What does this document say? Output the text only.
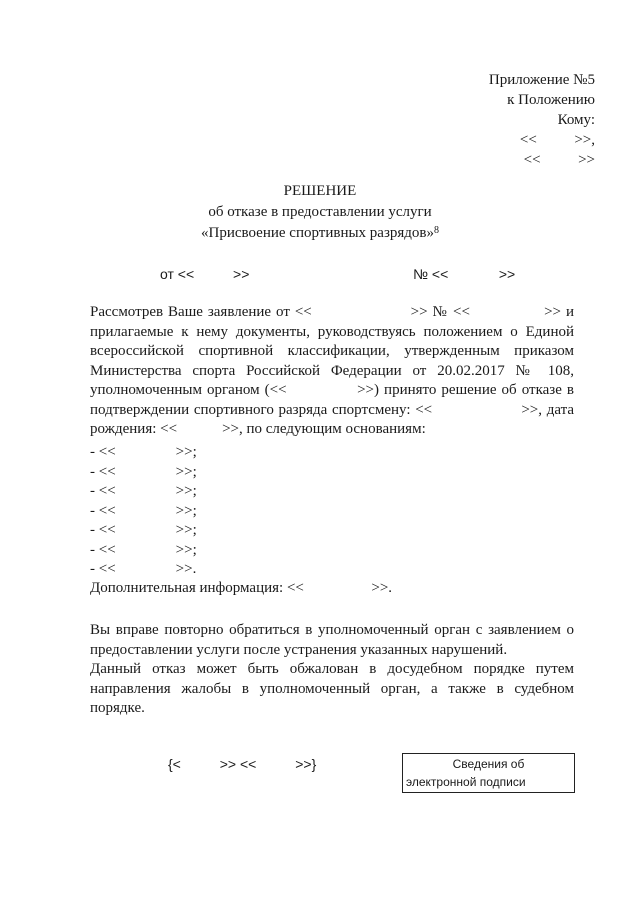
Приложение №5
к Положению
Кому:
<<          >>,
<<          >>
РЕШЕНИЕ
об отказе в предоставлении услуги
«Присвоение спортивных разрядов»$^8$
от <<          >>	№ <<             >>

Рассмотрев Ваше заявление от <<                    >> № <<               >> и прилагаемые к нему документы, руководствуясь положением о Единой всероссийской спортивной классификации, утвержденным приказом Министерства спорта Российской Федерации от 20.02.2017 № 108, уполномоченным органом (<<              >>) принято решение об отказе в подтверждении спортивного разряда спортсмену: <<                   >>, дата рождения: <<            >>, по следующим основаниям:

- <<                >>;
- <<                >>;
- <<                >>;
- <<                >>;
- <<                >>;
- <<                >>;
- <<                >>.
Дополнительная информация: <<                  >>.

Вы вправе повторно обратиться в уполномоченный орган с заявлением о предоставлении услуги после устранения указанных нарушений.

Данный отказ может быть обжалован в досудебном порядке путем направления жалобы в уполномоченный орган, а также в судебном порядке.

{<          >> <<          >>}	Сведения об
электронной подписи
